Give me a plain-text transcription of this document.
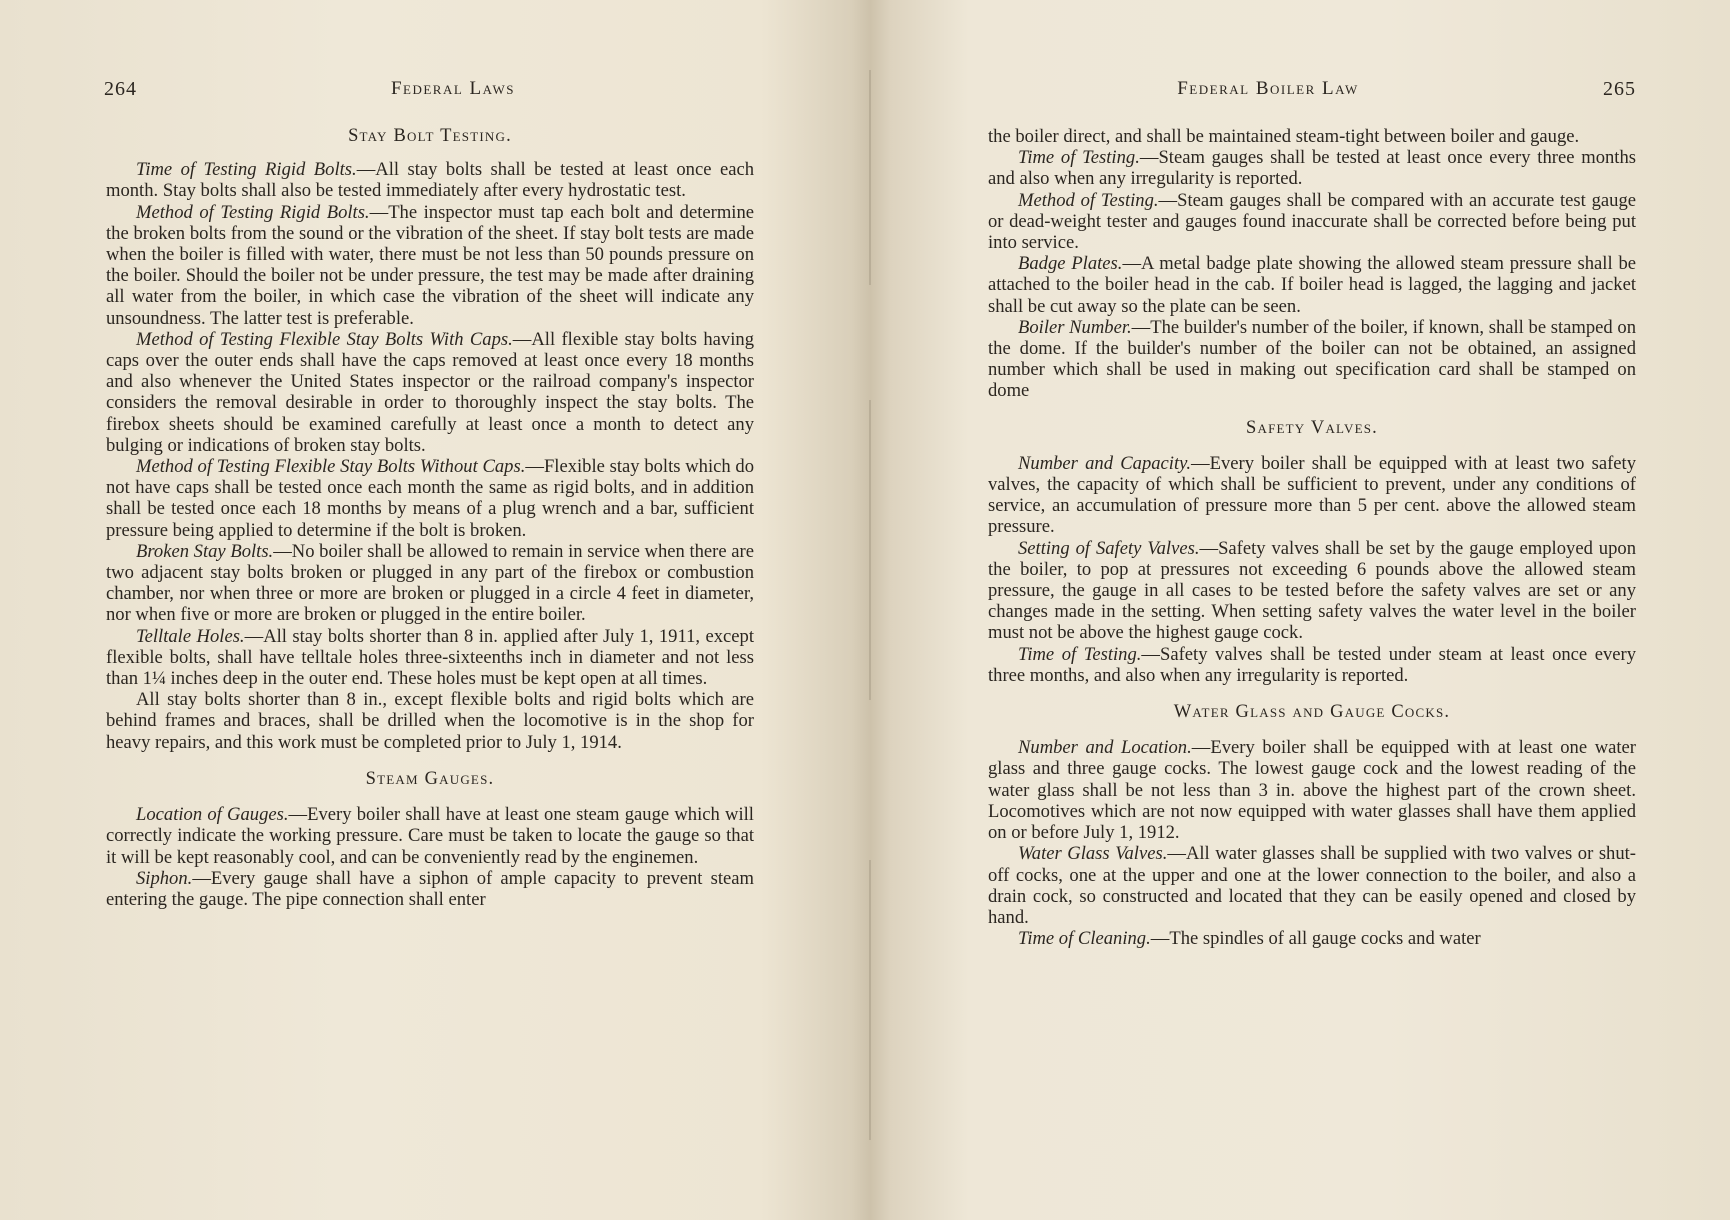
264	Federal Laws
Stay Bolt Testing.

Time of Testing Rigid Bolts.—All stay bolts shall be tested at least once each month. Stay bolts shall also be tested immediately after every hydrostatic test.

Method of Testing Rigid Bolts.—The inspector must tap each bolt and determine the broken bolts from the sound or the vibration of the sheet. If stay bolt tests are made when the boiler is filled with water, there must be not less than 50 pounds pressure on the boiler. Should the boiler not be under pressure, the test may be made after draining all water from the boiler, in which case the vibration of the sheet will indicate any unsoundness. The latter test is preferable.

Method of Testing Flexible Stay Bolts With Caps.—All flexible stay bolts having caps over the outer ends shall have the caps removed at least once every 18 months and also whenever the United States inspector or the railroad company's inspector considers the removal desirable in order to thoroughly inspect the stay bolts. The firebox sheets should be examined carefully at least once a month to detect any bulging or indications of broken stay bolts.

Method of Testing Flexible Stay Bolts Without Caps.—Flexible stay bolts which do not have caps shall be tested once each month the same as rigid bolts, and in addition shall be tested once each 18 months by means of a plug wrench and a bar, sufficient pressure being applied to determine if the bolt is broken.

Broken Stay Bolts.—No boiler shall be allowed to remain in service when there are two adjacent stay bolts broken or plugged in any part of the firebox or combustion chamber, nor when three or more are broken or plugged in a circle 4 feet in diameter, nor when five or more are broken or plugged in the entire boiler.

Telltale Holes.—All stay bolts shorter than 8 in. applied after July 1, 1911, except flexible bolts, shall have telltale holes three-sixteenths inch in diameter and not less than 1¼ inches deep in the outer end. These holes must be kept open at all times.

All stay bolts shorter than 8 in., except flexible bolts and rigid bolts which are behind frames and braces, shall be drilled when the locomotive is in the shop for heavy repairs, and this work must be completed prior to July 1, 1914.

Steam Gauges.

Location of Gauges.—Every boiler shall have at least one steam gauge which will correctly indicate the working pressure. Care must be taken to locate the gauge so that it will be kept reasonably cool, and can be conveniently read by the enginemen.

Siphon.—Every gauge shall have a siphon of ample capacity to prevent steam entering the gauge. The pipe connection shall enter

Federal Boiler Law	265

the boiler direct, and shall be maintained steam-tight between boiler and gauge.

Time of Testing.—Steam gauges shall be tested at least once every three months and also when any irregularity is reported.

Method of Testing.—Steam gauges shall be compared with an accurate test gauge or dead-weight tester and gauges found inaccurate shall be corrected before being put into service.

Badge Plates.—A metal badge plate showing the allowed steam pressure shall be attached to the boiler head in the cab. If boiler head is lagged, the lagging and jacket shall be cut away so the plate can be seen.

Boiler Number.—The builder's number of the boiler, if known, shall be stamped on the dome. If the builder's number of the boiler can not be obtained, an assigned number which shall be used in making out specification card shall be stamped on dome

Safety Valves.

Number and Capacity.—Every boiler shall be equipped with at least two safety valves, the capacity of which shall be sufficient to prevent, under any conditions of service, an accumulation of pressure more than 5 per cent. above the allowed steam pressure.

Setting of Safety Valves.—Safety valves shall be set by the gauge employed upon the boiler, to pop at pressures not exceeding 6 pounds above the allowed steam pressure, the gauge in all cases to be tested before the safety valves are set or any changes made in the setting. When setting safety valves the water level in the boiler must not be above the highest gauge cock.

Time of Testing.—Safety valves shall be tested under steam at least once every three months, and also when any irregularity is reported.

Water Glass and Gauge Cocks.

Number and Location.—Every boiler shall be equipped with at least one water glass and three gauge cocks. The lowest gauge cock and the lowest reading of the water glass shall be not less than 3 in. above the highest part of the crown sheet. Locomotives which are not now equipped with water glasses shall have them applied on or before July 1, 1912.

Water Glass Valves.—All water glasses shall be supplied with two valves or shut-off cocks, one at the upper and one at the lower connection to the boiler, and also a drain cock, so constructed and located that they can be easily opened and closed by hand.

Time of Cleaning.—The spindles of all gauge cocks and water
